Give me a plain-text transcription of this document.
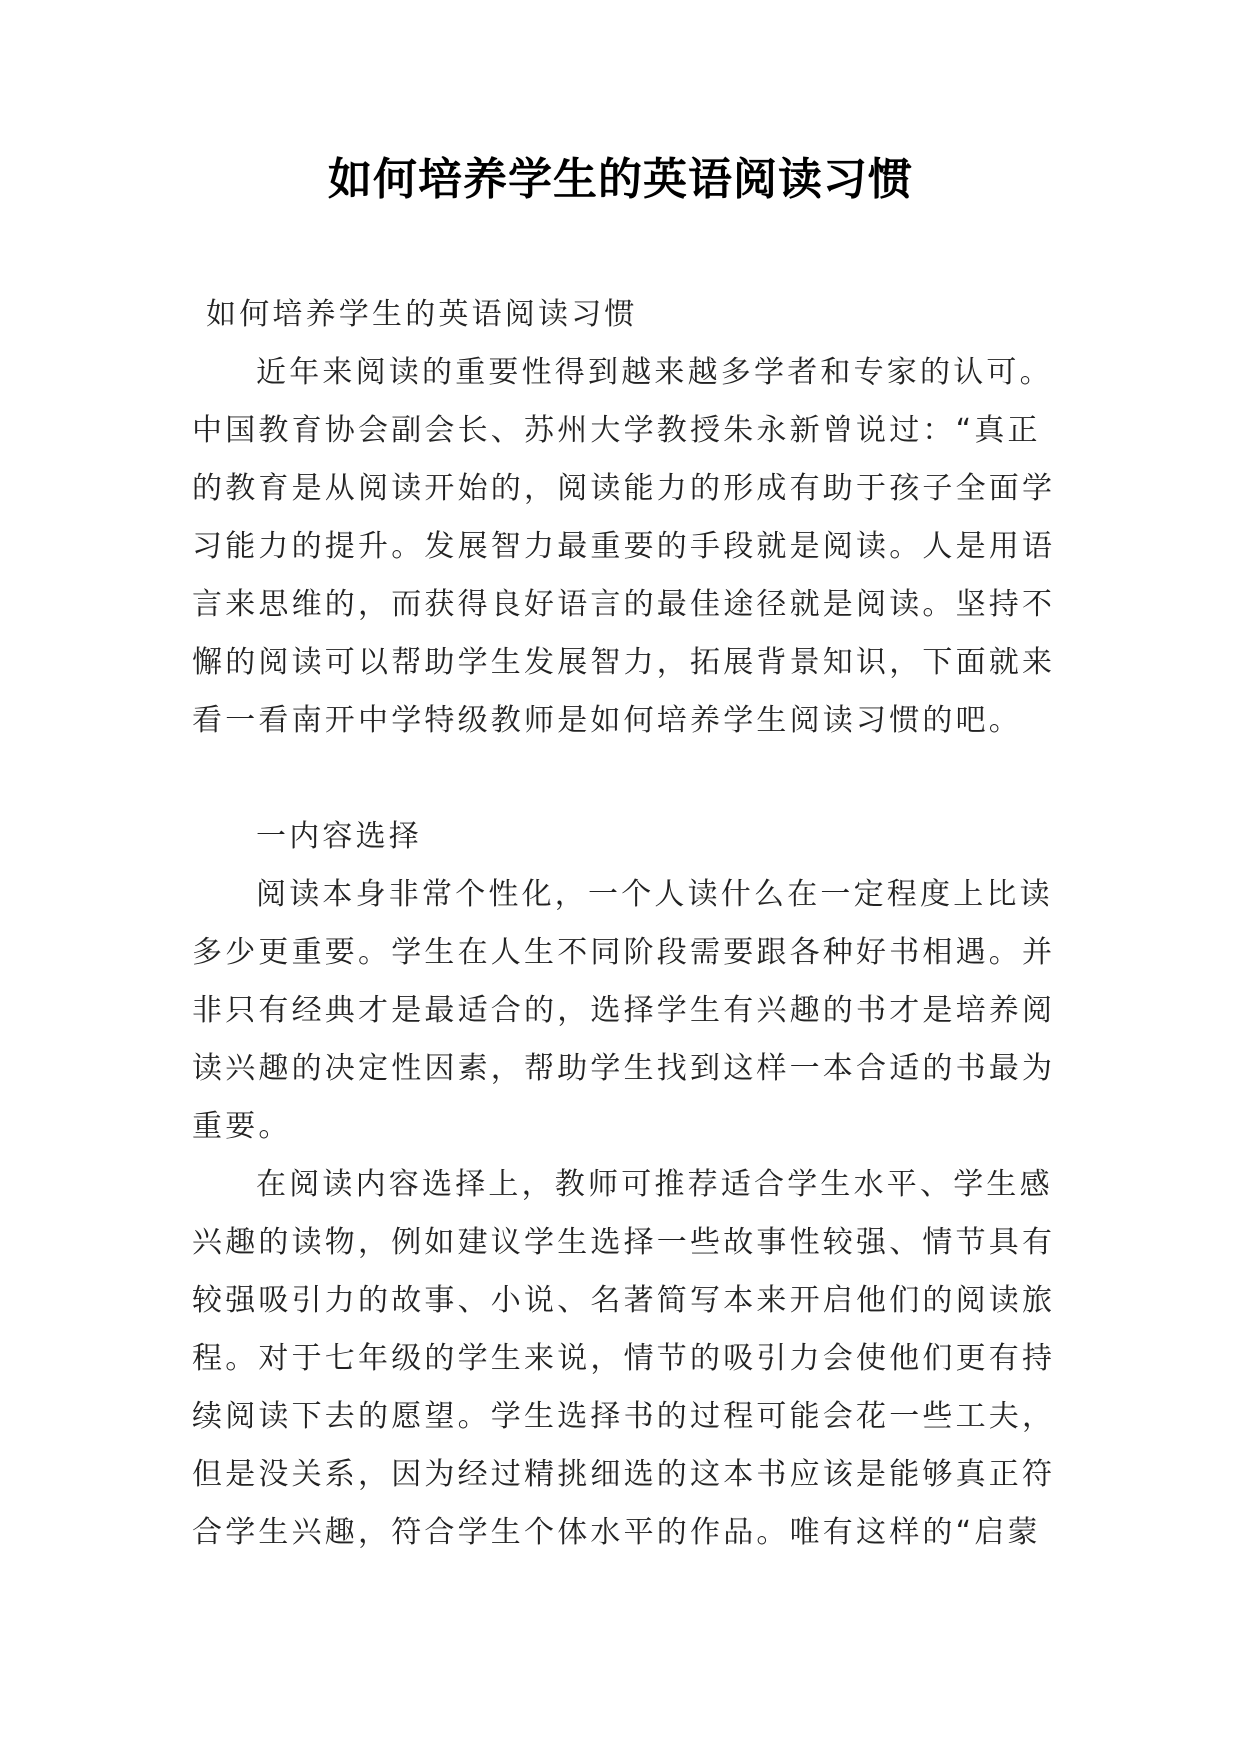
如何培养学生的英语阅读习惯
如何培养学生的英语阅读习惯
近年来阅读的重要性得到越来越多学者和专家的认可。
中国教育协会副会长、苏州大学教授朱永新曾说过：“真正
的教育是从阅读开始的，阅读能力的形成有助于孩子全面学
习能力的提升。发展智力最重要的手段就是阅读。人是用语
言来思维的，而获得良好语言的最佳途径就是阅读。坚持不
懈的阅读可以帮助学生发展智力，拓展背景知识，下面就来
看一看南开中学特级教师是如何培养学生阅读习惯的吧。
一内容选择
阅读本身非常个性化，一个人读什么在一定程度上比读
多少更重要。学生在人生不同阶段需要跟各种好书相遇。并
非只有经典才是最适合的，选择学生有兴趣的书才是培养阅
读兴趣的决定性因素，帮助学生找到这样一本合适的书最为
重要。
在阅读内容选择上，教师可推荐适合学生水平、学生感
兴趣的读物，例如建议学生选择一些故事性较强、情节具有
较强吸引力的故事、小说、名著简写本来开启他们的阅读旅
程。对于七年级的学生来说，情节的吸引力会使他们更有持
续阅读下去的愿望。学生选择书的过程可能会花一些工夫，
但是没关系，因为经过精挑细选的这本书应该是能够真正符
合学生兴趣，符合学生个体水平的作品。唯有这样的“启蒙
